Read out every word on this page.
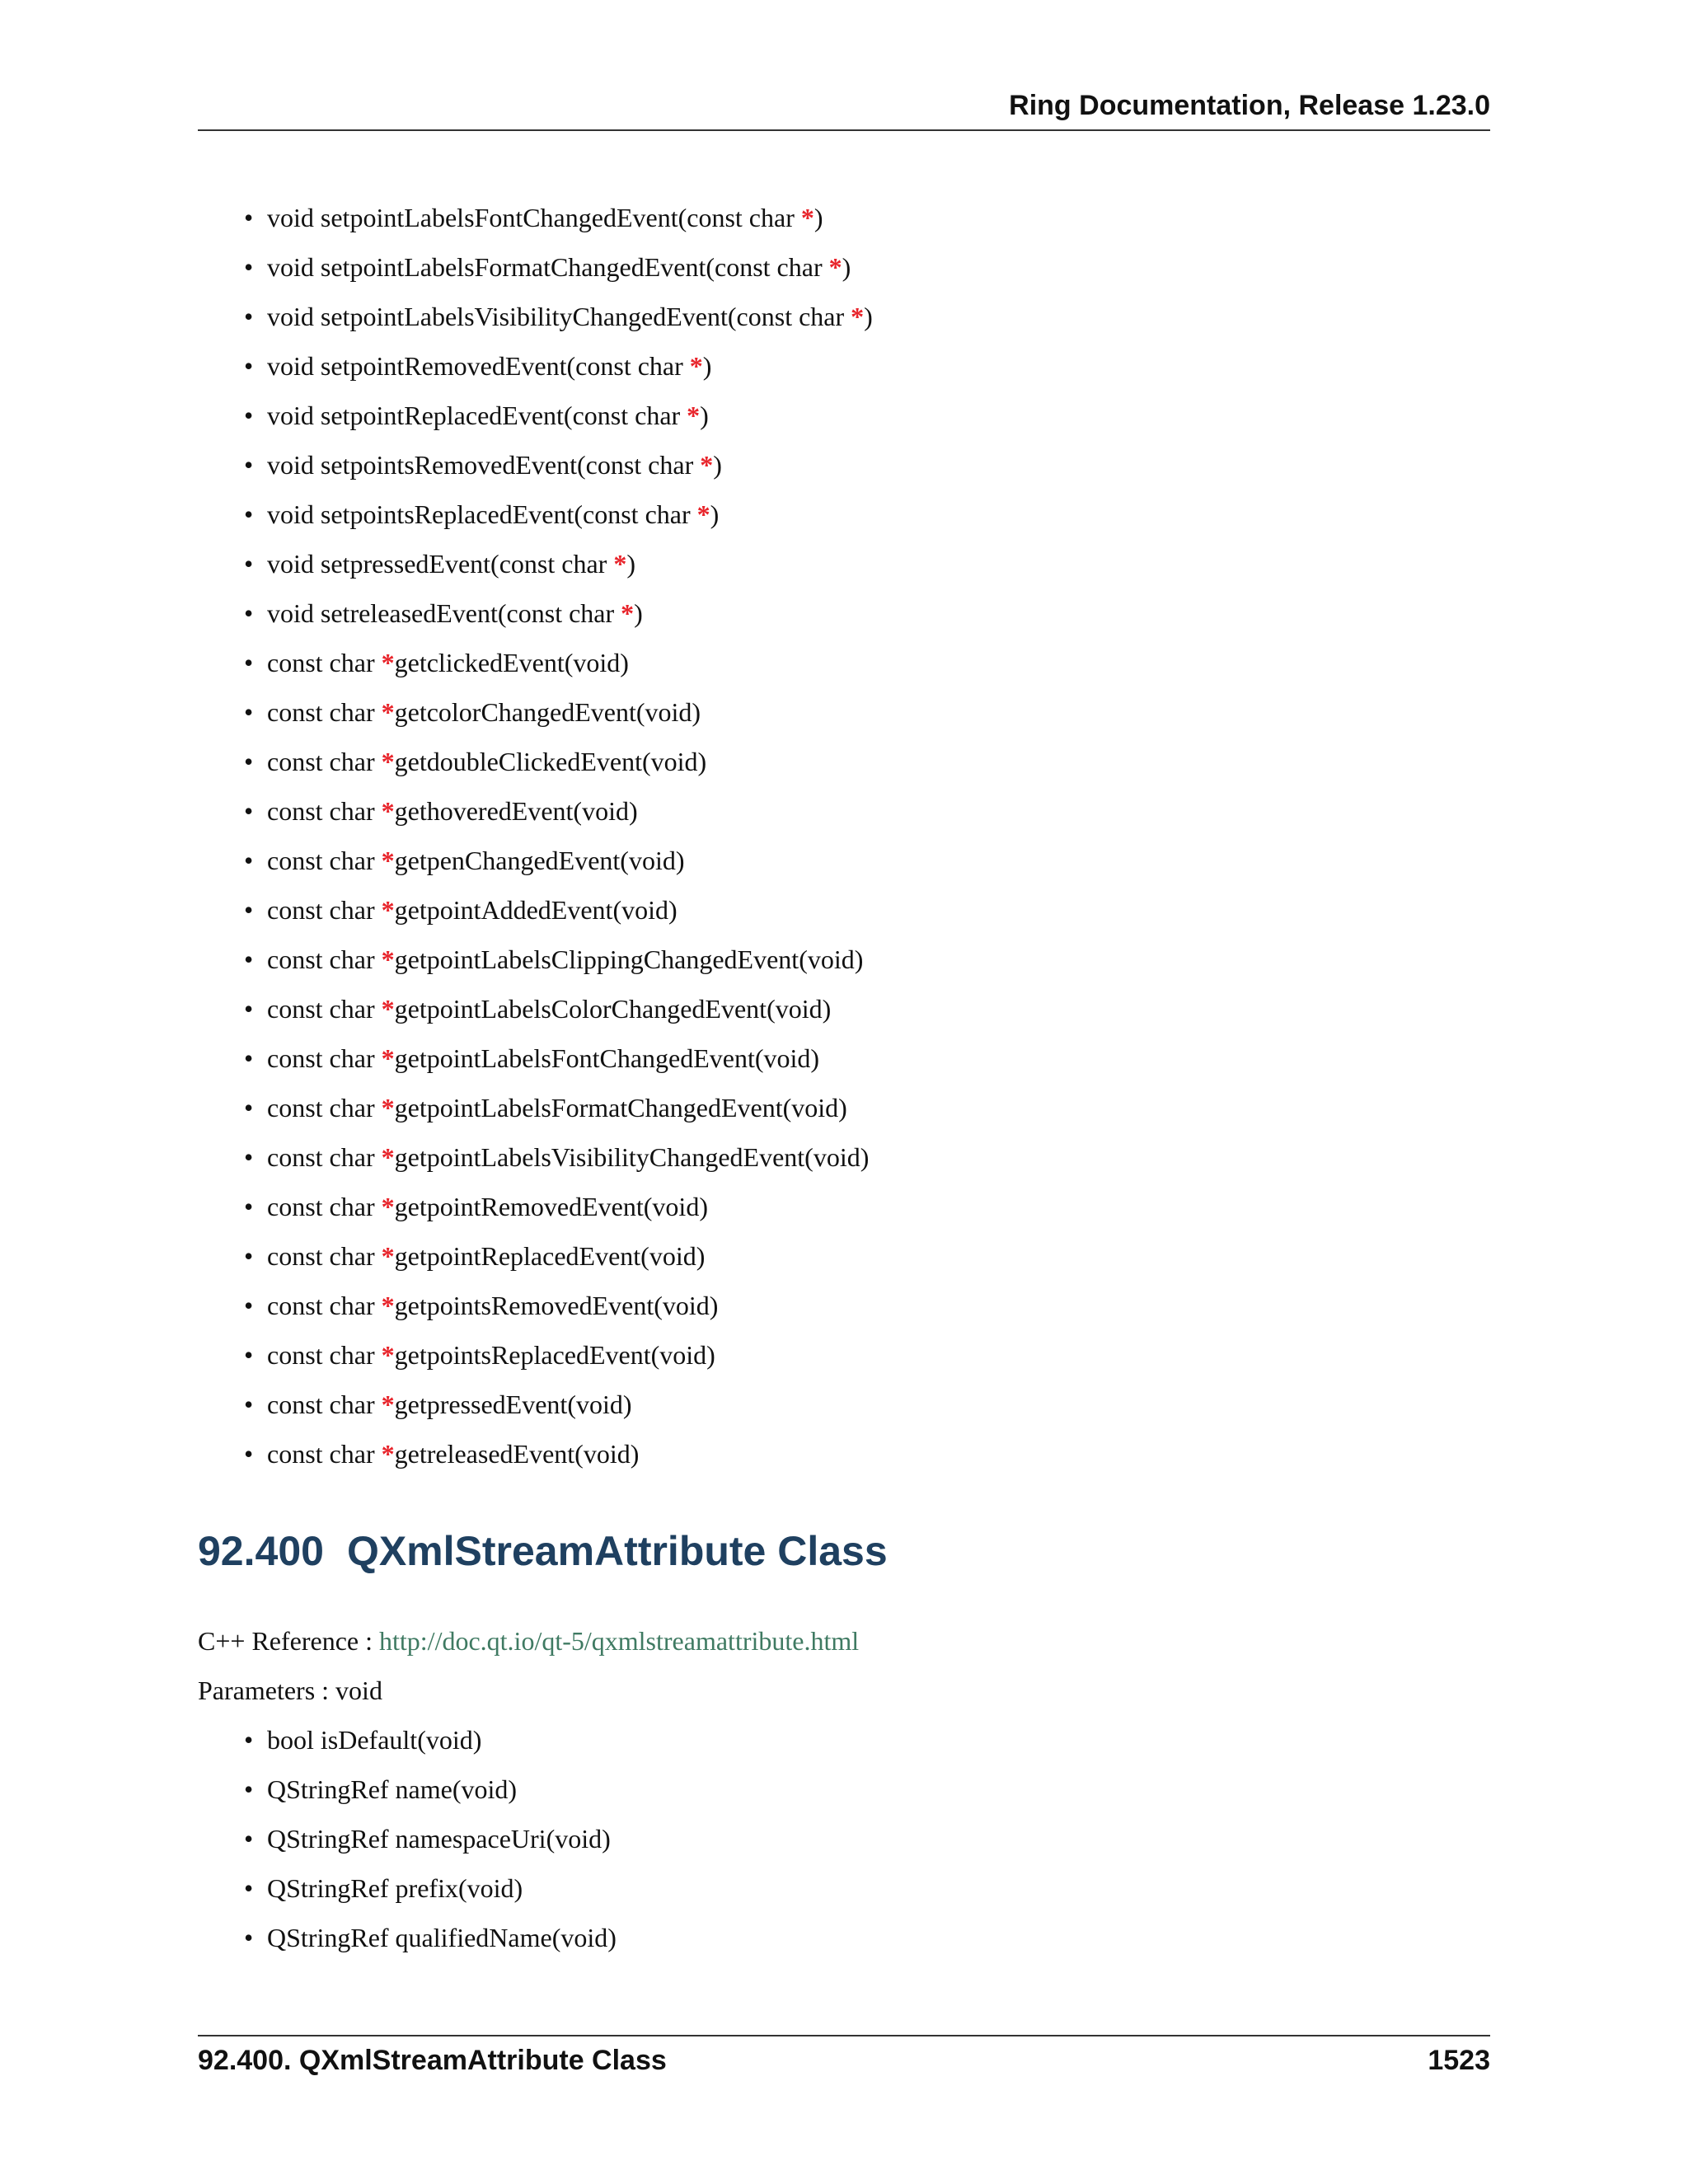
Ring Documentation, Release 1.23.0
• void setpointLabelsFontChangedEvent(const char *)
• void setpointLabelsFormatChangedEvent(const char *)
• void setpointLabelsVisibilityChangedEvent(const char *)
• void setpointRemovedEvent(const char *)
• void setpointReplacedEvent(const char *)
• void setpointsRemovedEvent(const char *)
• void setpointsReplacedEvent(const char *)
• void setpressedEvent(const char *)
• void setreleasedEvent(const char *)
• const char *getclickedEvent(void)
• const char *getcolorChangedEvent(void)
• const char *getdoubleClickedEvent(void)
• const char *gethoveredEvent(void)
• const char *getpenChangedEvent(void)
• const char *getpointAddedEvent(void)
• const char *getpointLabelsClippingChangedEvent(void)
• const char *getpointLabelsColorChangedEvent(void)
• const char *getpointLabelsFontChangedEvent(void)
• const char *getpointLabelsFormatChangedEvent(void)
• const char *getpointLabelsVisibilityChangedEvent(void)
• const char *getpointRemovedEvent(void)
• const char *getpointReplacedEvent(void)
• const char *getpointsRemovedEvent(void)
• const char *getpointsReplacedEvent(void)
• const char *getpressedEvent(void)
• const char *getreleasedEvent(void)
92.400 QXmlStreamAttribute Class
C++ Reference : http://doc.qt.io/qt-5/qxmlstreamattribute.html
Parameters : void
• bool isDefault(void)
• QStringRef name(void)
• QStringRef namespaceUri(void)
• QStringRef prefix(void)
• QStringRef qualifiedName(void)
92.400. QXmlStreamAttribute Class	1523
